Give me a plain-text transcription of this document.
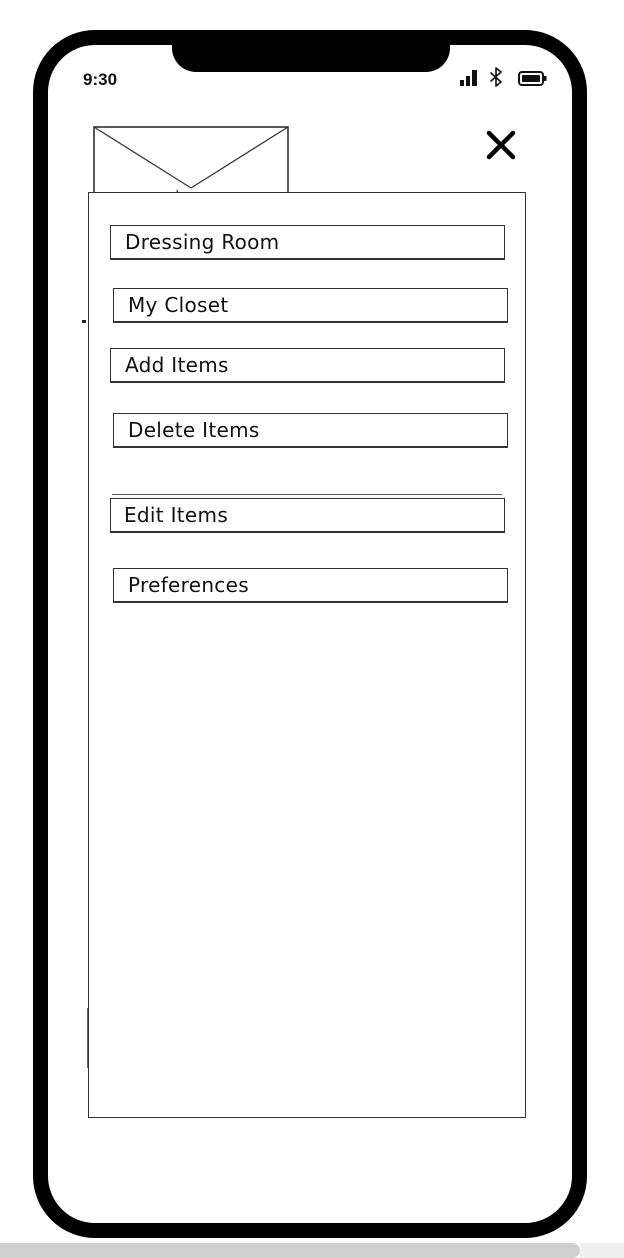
9:30
Dressing Room
My Closet
Add Items
Delete Items
Edit Items
Preferences
